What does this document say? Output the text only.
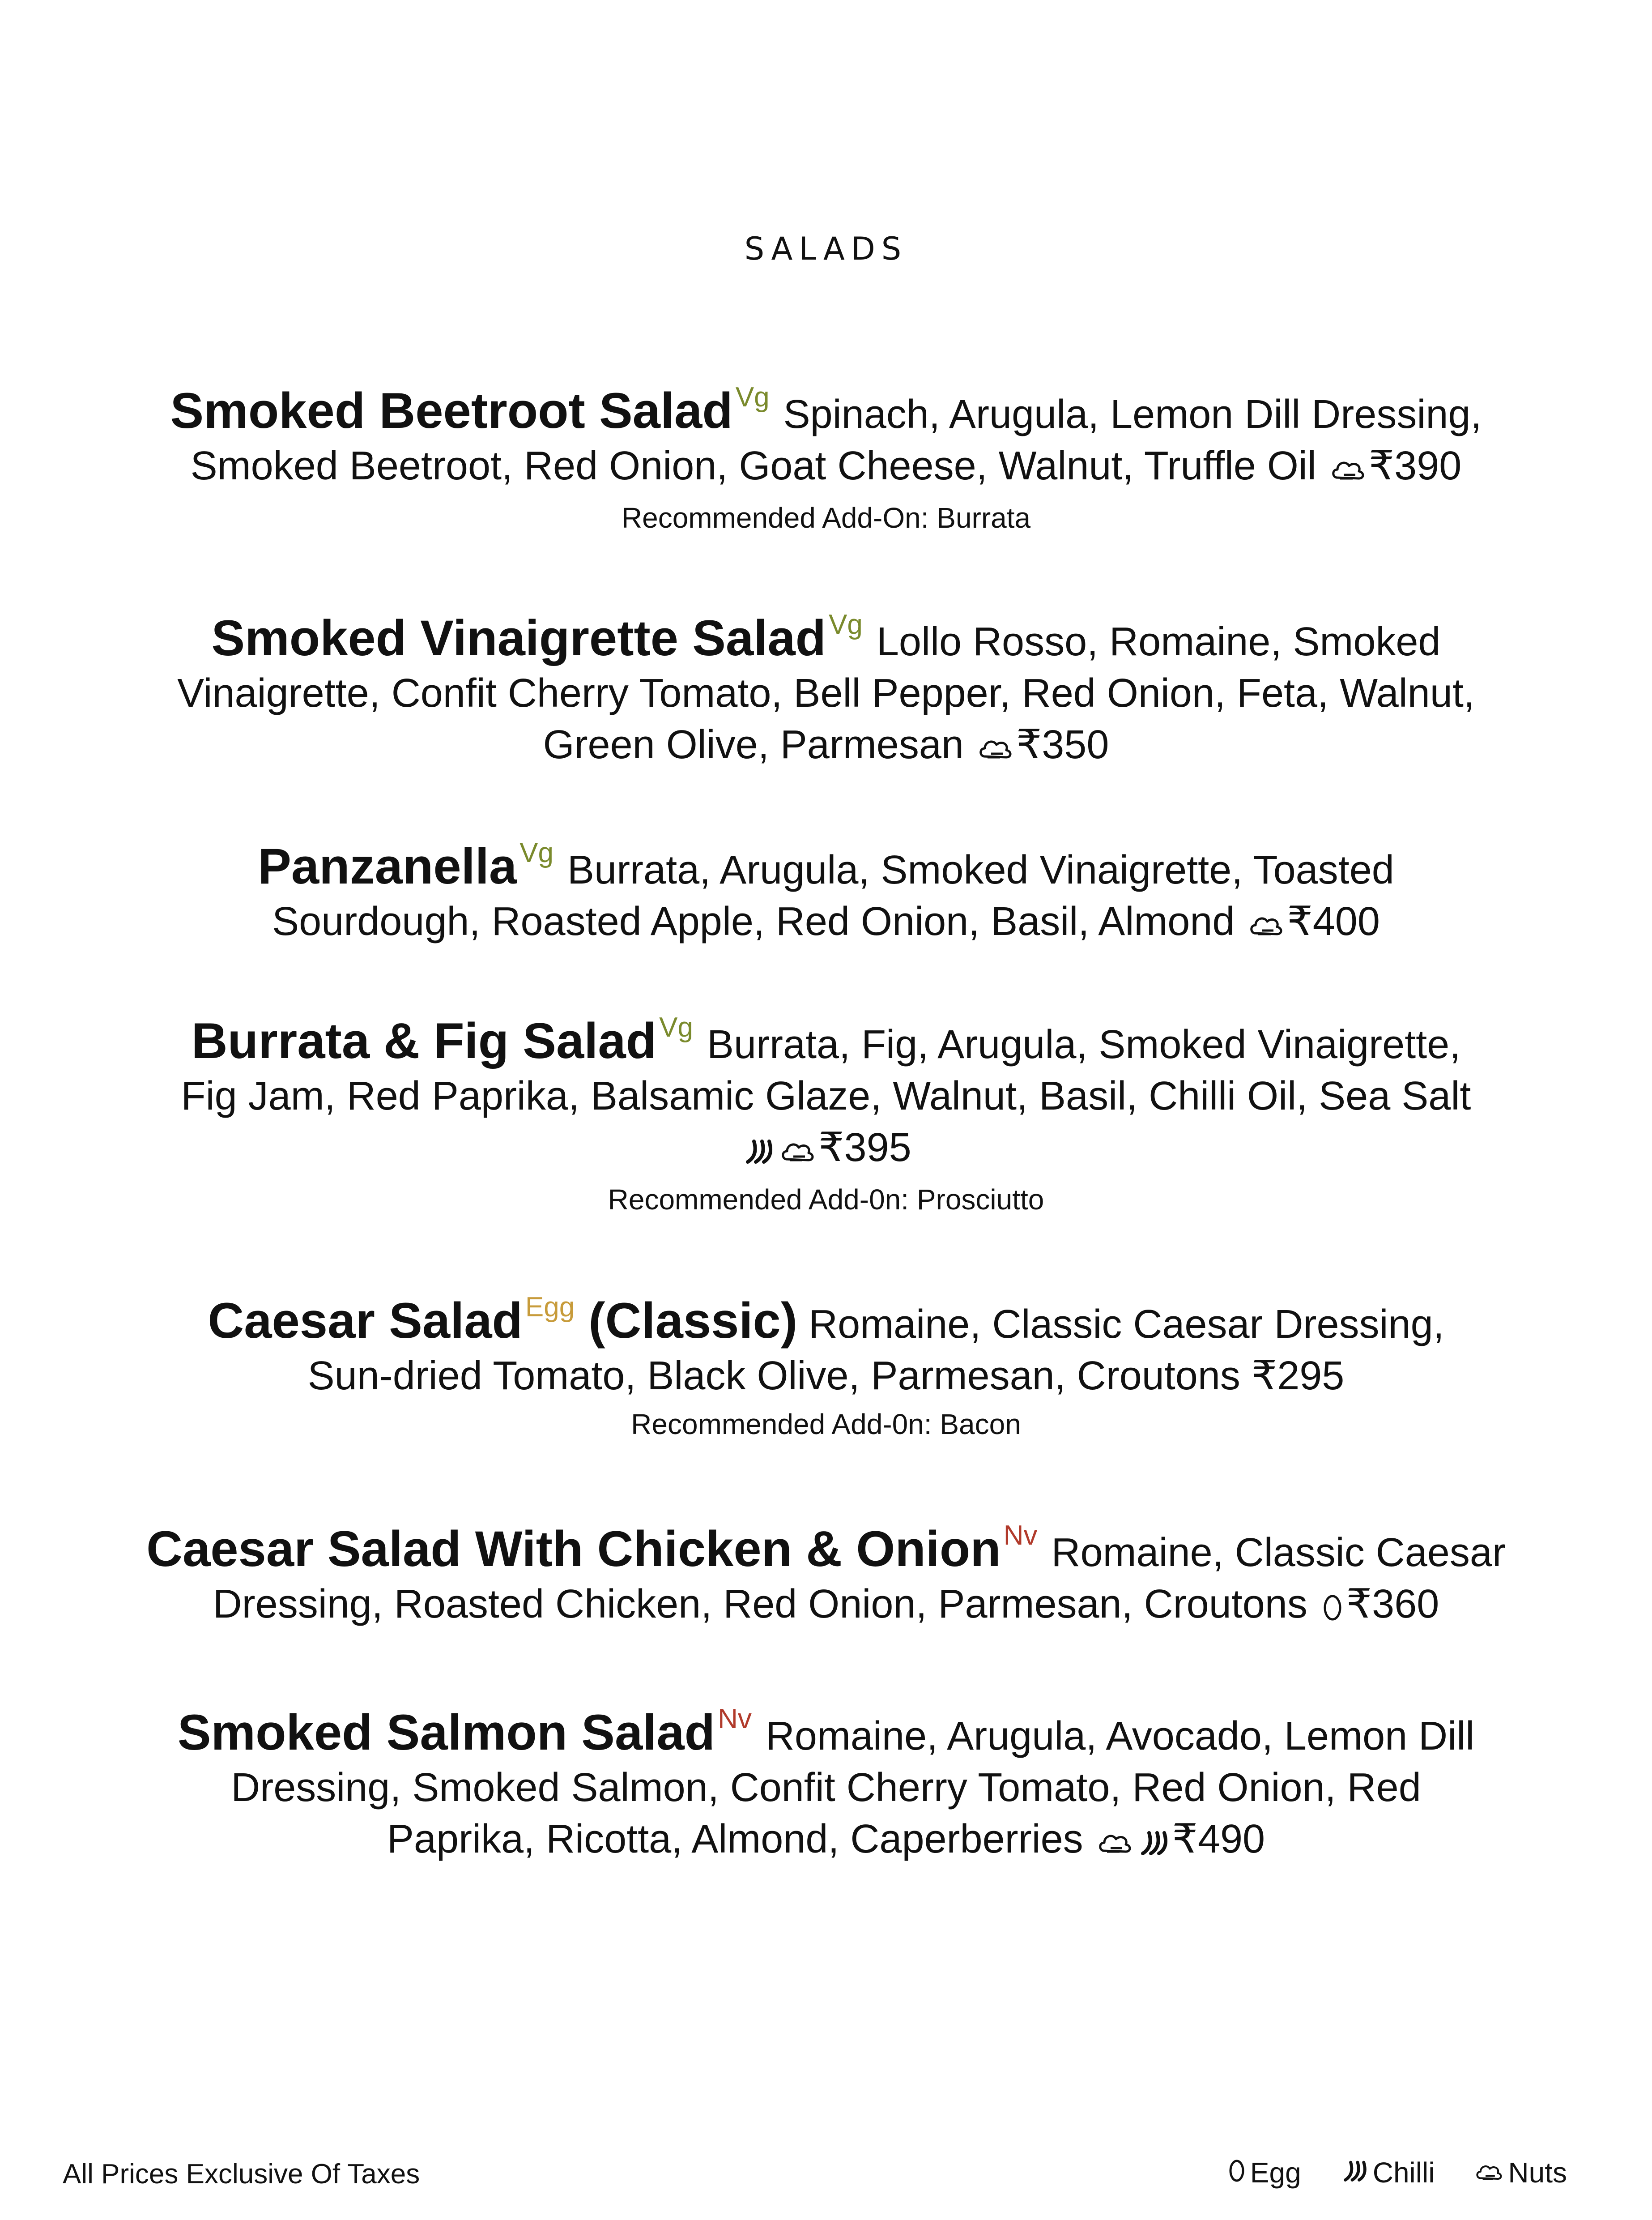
SALADS
Smoked Beetroot Salad$^{Vg}$ Spinach, Arugula, Lemon Dill Dressing, Smoked Beetroot, Red Onion, Goat Cheese, Walnut, Truffle Oil ₹390
Recommended Add-On: Burrata
Smoked Vinaigrette Salad$^{Vg}$ Lollo Rosso, Romaine, Smoked Vinaigrette, Confit Cherry Tomato, Bell Pepper, Red Onion, Feta, Walnut, Green Olive, Parmesan ₹350
Panzanella$^{Vg}$ Burrata, Arugula, Smoked Vinaigrette, Toasted Sourdough, Roasted Apple, Red Onion, Basil, Almond ₹400
Burrata & Fig Salad$^{Vg}$ Burrata, Fig, Arugula, Smoked Vinaigrette, Fig Jam, Red Paprika, Balsamic Glaze, Walnut, Basil, Chilli Oil, Sea Salt
₹395
Recommended Add-0n: Prosciutto
Caesar Salad$^{Egg}$ (Classic) Romaine, Classic Caesar Dressing, Sun-dried Tomato, Black Olive, Parmesan, Croutons ₹295
Recommended Add-0n: Bacon
Caesar Salad With Chicken & Onion$^{Nv}$ Romaine, Classic Caesar Dressing, Roasted Chicken, Red Onion, Parmesan, Croutons ₹360
Smoked Salmon Salad$^{Nv}$ Romaine, Arugula, Avocado, Lemon Dill Dressing, Smoked Salmon, Confit Cherry Tomato, Red Onion, Red Paprika, Ricotta, Almond, Caperberries ₹490
All Prices Exclusive Of Taxes	Egg	Chilli	Nuts
